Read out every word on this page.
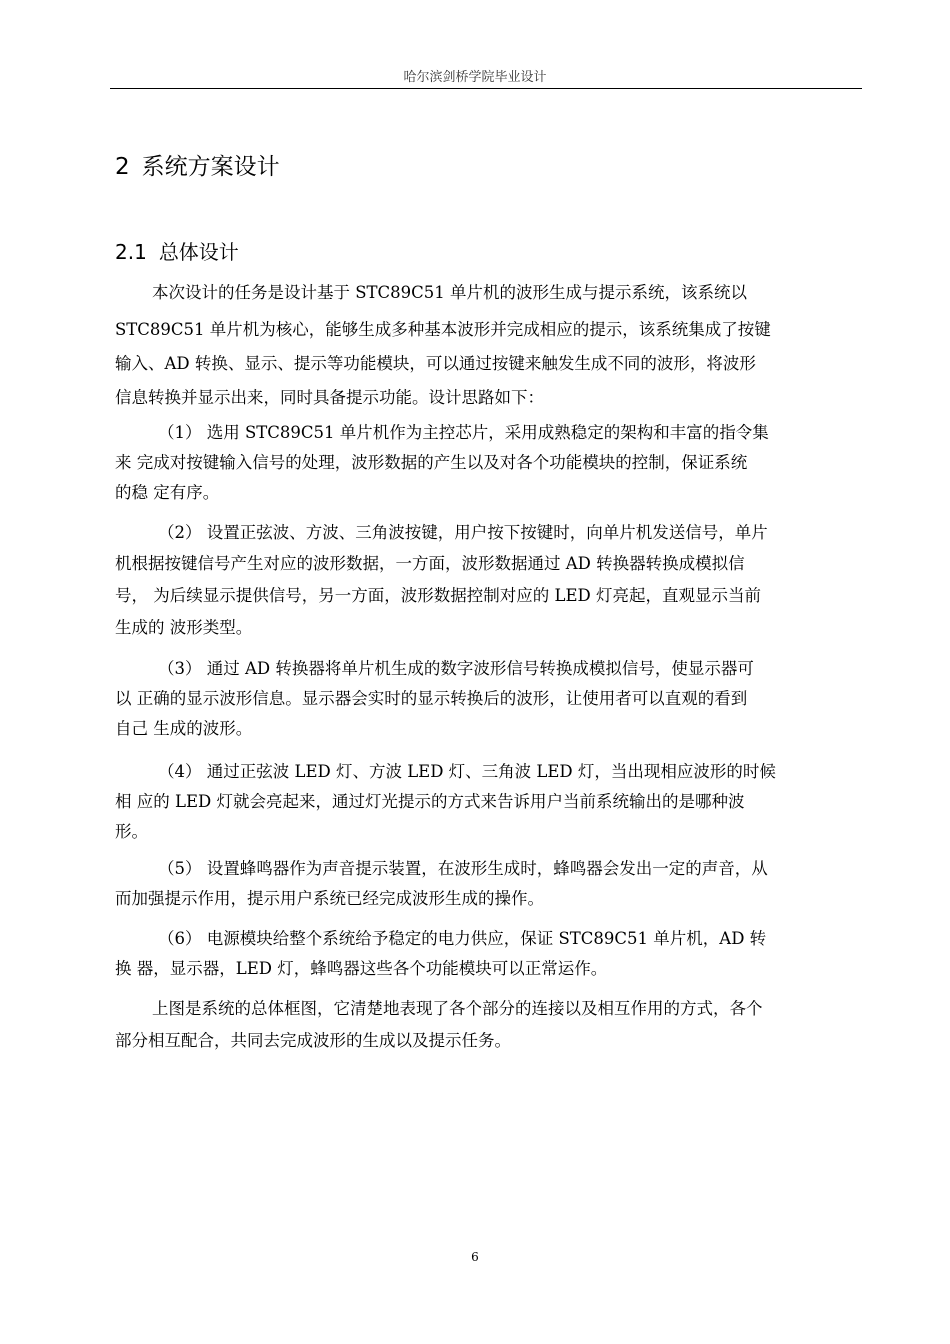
哈尔滨剑桥学院毕业设计
2 系统方案设计
2.1 总体设计
本次设计的任务是设计基于 STC89C51 单片机的波形生成与提示系统，该系统以
STC89C51 单片机为核心，能够生成多种基本波形并完成相应的提示，该系统集成了按键
输入、AD 转换、显示、提示等功能模块，可以通过按键来触发生成不同的波形，将波形
信息转换并显示出来，同时具备提示功能。设计思路如下：
（1） 选用 STC89C51 单片机作为主控芯片，采用成熟稳定的架构和丰富的指令集
来 完成对按键输入信号的处理，波形数据的产生以及对各个功能模块的控制，保证系统
的稳 定有序。
（2） 设置正弦波、方波、三角波按键，用户按下按键时，向单片机发送信号，单片
机根据按键信号产生对应的波形数据，一方面，波形数据通过 AD 转换器转换成模拟信
号， 为后续显示提供信号，另一方面，波形数据控制对应的 LED 灯亮起，直观显示当前
生成的 波形类型。
（3） 通过 AD 转换器将单片机生成的数字波形信号转换成模拟信号，使显示器可
以 正确的显示波形信息。显示器会实时的显示转换后的波形，让使用者可以直观的看到
自己 生成的波形。
（4） 通过正弦波 LED 灯、方波 LED 灯、三角波 LED 灯，当出现相应波形的时候
相 应的 LED 灯就会亮起来，通过灯光提示的方式来告诉用户当前系统输出的是哪种波
形。
（5） 设置蜂鸣器作为声音提示装置，在波形生成时，蜂鸣器会发出一定的声音，从
而加强提示作用，提示用户系统已经完成波形生成的操作。
（6） 电源模块给整个系统给予稳定的电力供应，保证 STC89C51 单片机，AD 转
换 器，显示器，LED 灯，蜂鸣器这些各个功能模块可以正常运作。
上图是系统的总体框图，它清楚地表现了各个部分的连接以及相互作用的方式，各个
部分相互配合，共同去完成波形的生成以及提示任务。
6
